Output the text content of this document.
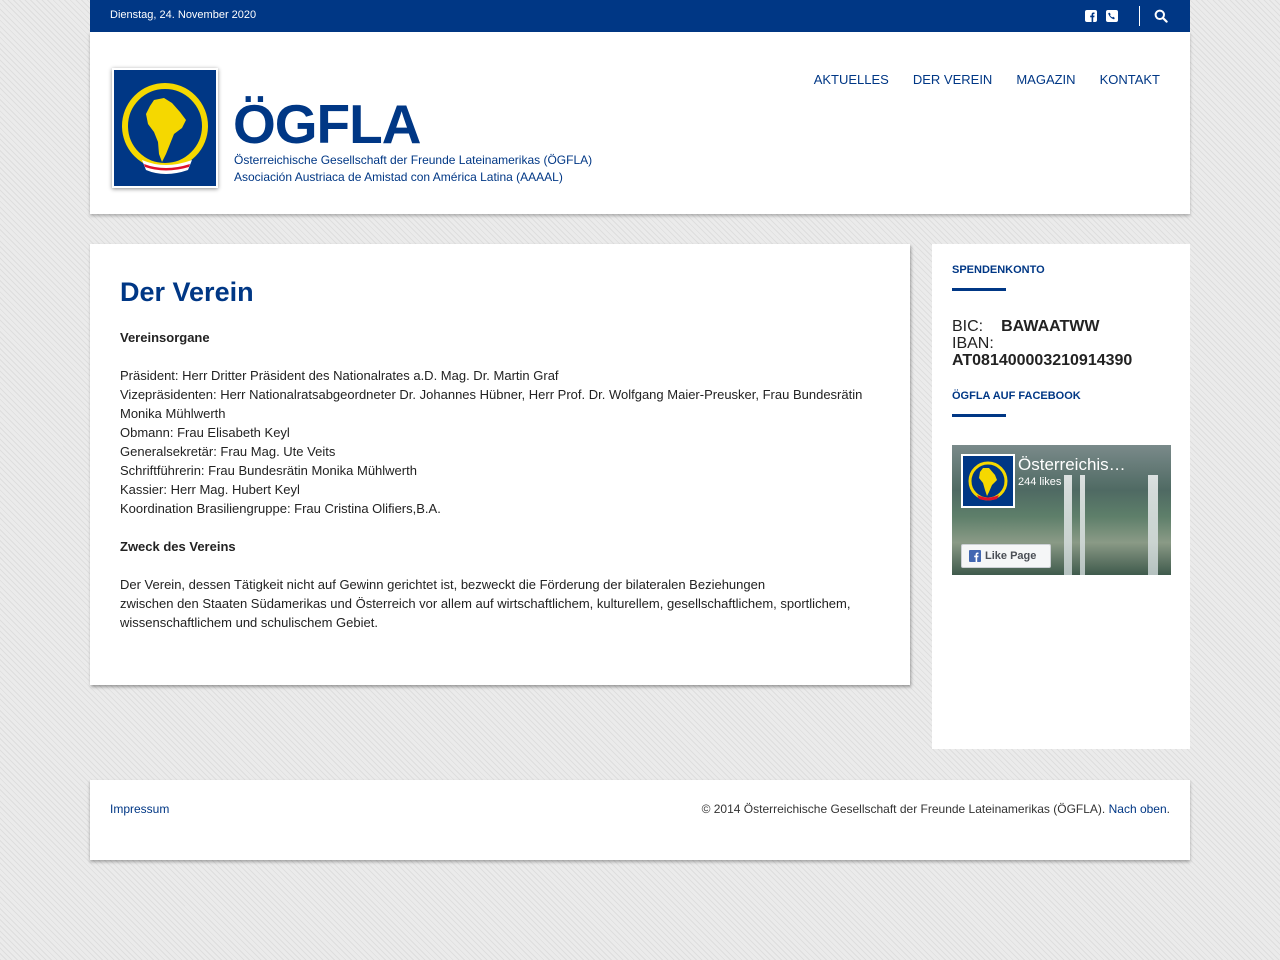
Dienstag, 24. November 2020
ÖGFLA
Österreichische Gesellschaft der Freunde Lateinamerikas (ÖGFLA)
Asociación Austriaca de Amistad con América Latina (AAAAL)
AKTUELLES DER VEREIN MAGAZIN KONTAKT
Der Verein

Vereinsorgane

Präsident: Herr Dritter Präsident des Nationalrates a.D. Mag. Dr. Martin Graf

Vizepräsidenten: Herr Nationalratsabgeordneter Dr. Johannes Hübner, Herr Prof. Dr. Wolfgang Maier-Preusker, Frau Bundesrätin Monika Mühlwerth

Obmann: Frau Elisabeth Keyl

Generalsekretär: Frau Mag. Ute Veits

Schriftführerin: Frau Bundesrätin Monika Mühlwerth

Kassier: Herr Mag. Hubert Keyl

Koordination Brasiliengruppe: Frau Cristina Olifiers,B.A.

Zweck des Vereins

Der Verein, dessen Tätigkeit nicht auf Gewinn gerichtet ist, bezweckt die Förderung der bilateralen Beziehungen

zwischen den Staaten Südamerikas und Österreich vor allem auf wirtschaftlichem, kulturellem, gesellschaftlichem, sportlichem, wissenschaftlichem und schulischem Gebiet.

SPENDENKONTO
BIC: BAWAATWW
IBAN:
AT081400003210914390
ÖGFLA AUF FACEBOOK
Österreichis…
244 likes
Like Page
Impressum	© 2014 Österreichische Gesellschaft der Freunde Lateinamerikas (ÖGFLA). Nach oben.
